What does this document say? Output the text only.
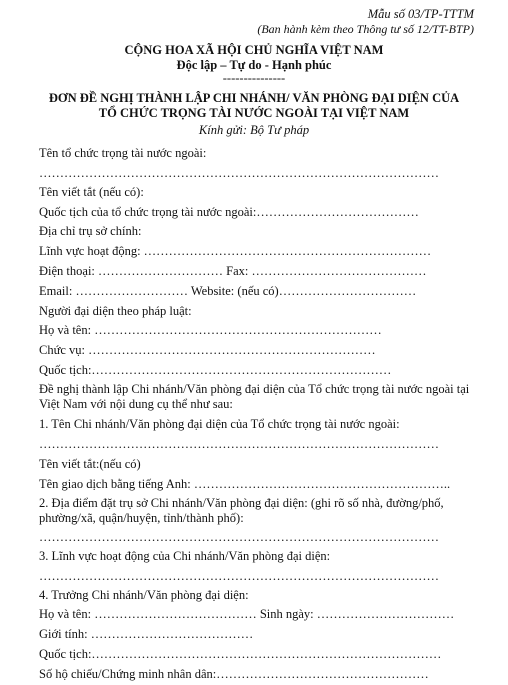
Mẫu số 03/TP-TTTM
(Ban hành kèm theo Thông tư số 12/TT-BTP)
CỘNG HOA XÃ HỘI CHỦ NGHĨA VIỆT NAM
Độc lập – Tự do - Hạnh phúc
---------------
ĐƠN ĐỀ NGHỊ THÀNH LẬP CHI NHÁNH/ VĂN PHÒNG ĐẠI DIỆN CỦA
TỔ CHỨC TRỌNG TÀI NƯỚC NGOÀI TẠI VIỆT NAM
Kính gửi: Bộ Tư pháp
Tên tổ chức trọng tài nước ngoài:
……………………………………………………………………………………
Tên viết tắt (nếu có):
Quốc tịch của tổ chức trọng tài nước ngoài:…………………………………
Địa chỉ trụ sở chính:
Lĩnh vực hoạt động: ……………………………………………………………
Điện thoại: ………………………… Fax: ……………………………………
Email: ……………………… Website: (nếu có)……………………………
Người đại diện theo pháp luật:
Họ và tên: ……………………………………………………………
Chức vụ: ……………………………………………………………
Quốc tịch:………………………………………………………………
Đề nghị thành lập Chi nhánh/Văn phòng đại diện của Tổ chức trọng tài nước ngoài tại
Việt Nam với nội dung cụ thể như sau:
1. Tên Chi nhánh/Văn phòng đại diện của Tổ chức trọng tài nước ngoài:
……………………………………………………………………………………
Tên viết tắt:(nếu có)
Tên giao dịch bằng tiếng Anh: ……………………………………………………..
2. Địa điểm đặt trụ sở Chi nhánh/Văn phòng đại diện: (ghi rõ số nhà, đường/phố,
phường/xã, quận/huyện, tỉnh/thành phố):
……………………………………………………………………………………
3. Lĩnh vực hoạt động của Chi nhánh/Văn phòng đại diện:
……………………………………………………………………………………
4. Trưởng Chi nhánh/Văn phòng đại diện:
Họ và tên: ………………………………… Sinh ngày: ……………………………
Giới tính: …………………………………
Quốc tịch:…………………………………………………………………………
Số hộ chiếu/Chứng minh nhân dân:……………………………………………
